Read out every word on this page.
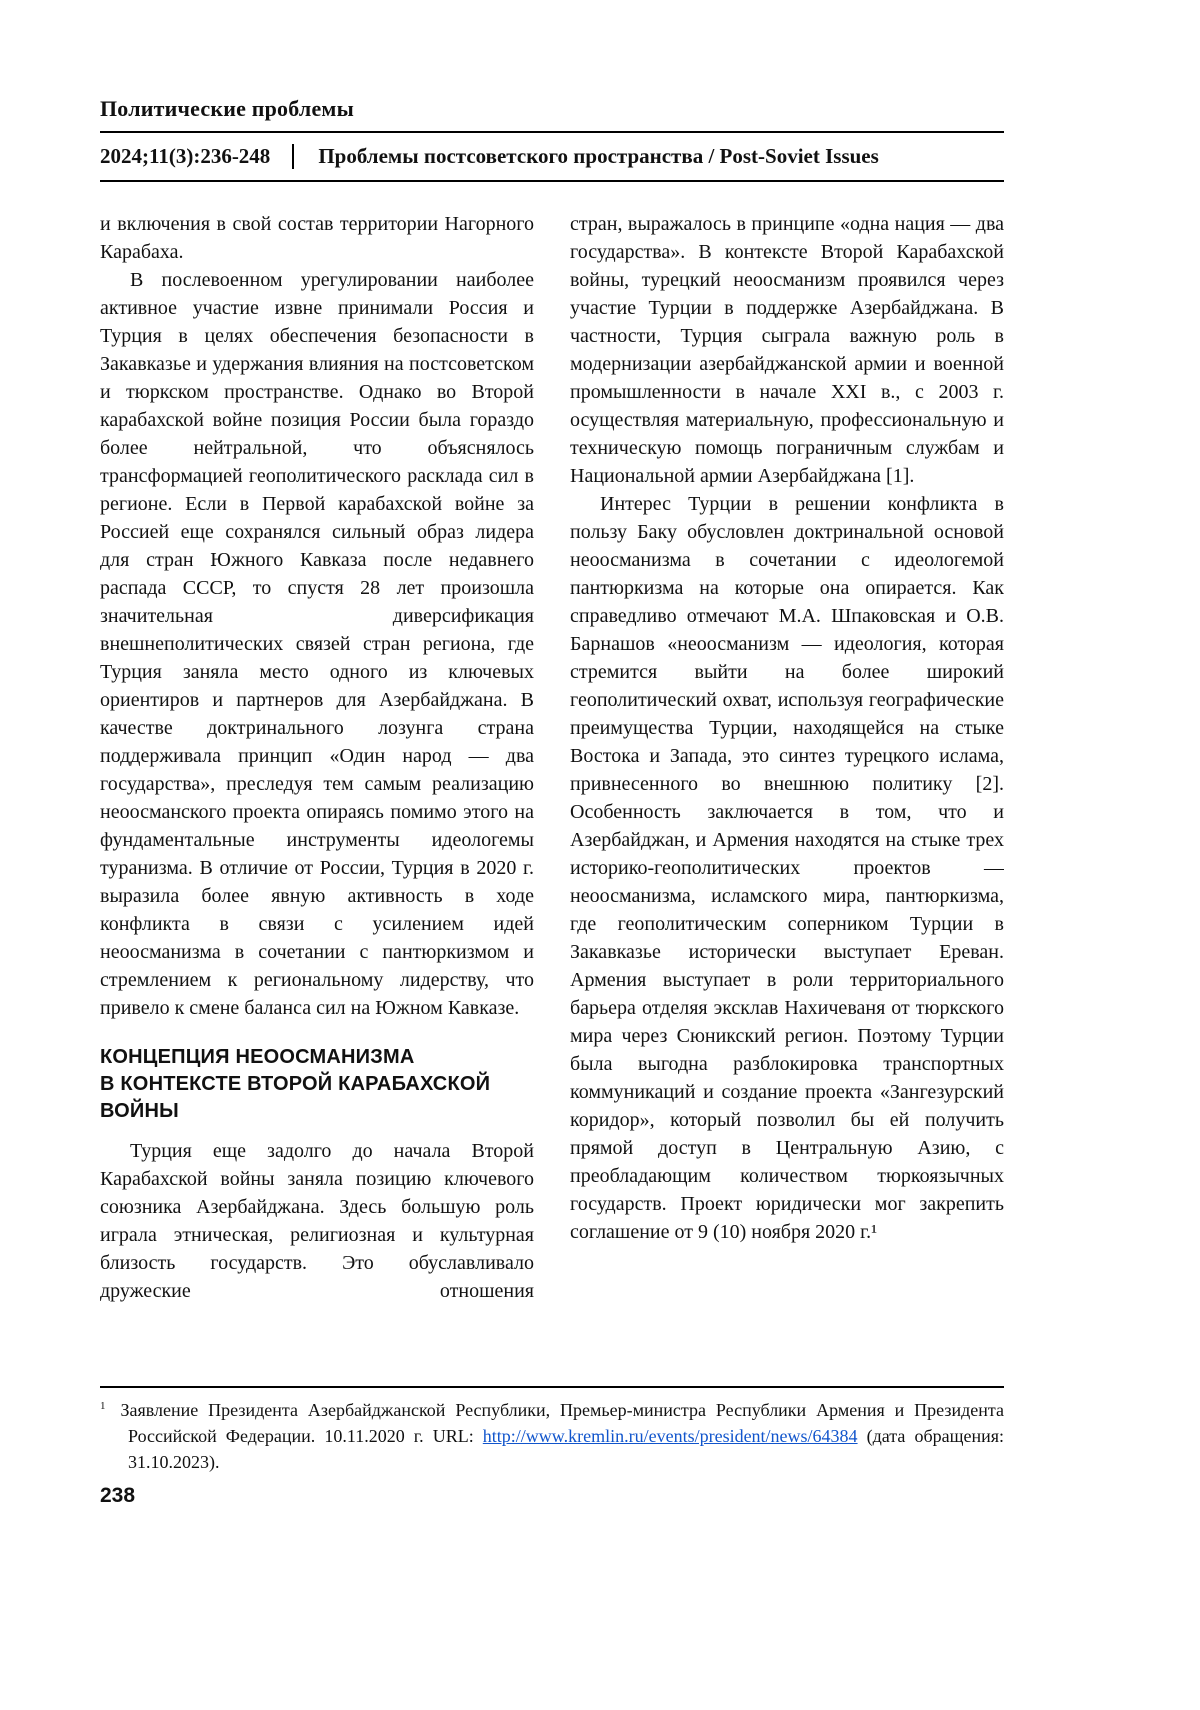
Политические проблемы
2024;11(3):236-248 Проблемы постсоветского пространства / Post-Soviet Issues

и включения в свой состав территории Нагорного Карабаха.

В послевоенном урегулировании наиболее активное участие извне принимали Россия и Турция в целях обеспечения безопасности в Закавказье и удержания влияния на постсоветском и тюркском пространстве. Однако во Второй карабахской войне позиция России была гораздо более нейтральной, что объяснялось трансформацией геополитического расклада сил в регионе. Если в Первой карабахской войне за Россией еще сохранялся сильный образ лидера для стран Южного Кавказа после недавнего распада СССР, то спустя 28 лет произошла значительная диверсификация внешнеполитических связей стран региона, где Турция заняла место одного из ключевых ориентиров и партнеров для Азербайджана. В качестве доктринального лозунга страна поддерживала принцип «Один народ — два государства», преследуя тем самым реализацию неоосманского проекта опираясь помимо этого на фундаментальные инструменты идеологемы туранизма. В отличие от России, Турция в 2020 г. выразила более явную активность в ходе конфликта в связи с усилением идей неоосманизма в сочетании с пантюркизмом и стремлением к региональному лидерству, что привело к смене баланса сил на Южном Кавказе.

КОНЦЕПЦИЯ НЕООСМАНИЗМА
В КОНТЕКСТЕ ВТОРОЙ КАРАБАХСКОЙ
ВОЙНЫ

Турция еще задолго до начала Второй Карабахской войны заняла позицию ключевого союзника Азербайджана. Здесь большую роль играла этническая, религиозная и культурная близость государств. Это обуславливало дружеские отношения

стран, выражалось в принципе «одна нация — два государства». В контексте Второй Карабахской войны, турецкий неоосманизм проявился через участие Турции в поддержке Азербайджана. В частности, Турция сыграла важную роль в модернизации азербайджанской армии и военной промышленности в начале XXI в., с 2003 г. осуществляя материальную, профессиональную и техническую помощь пограничным службам и Национальной армии Азербайджана [1].

Интерес Турции в решении конфликта в пользу Баку обусловлен доктринальной основой неоосманизма в сочетании с идеологемой пантюркизма на которые она опирается. Как справедливо отмечают М.А. Шпаковская и О.В. Барнашов «неоосманизм — идеология, которая стремится выйти на более широкий геополитический охват, используя географические преимущества Турции, находящейся на стыке Востока и Запада, это синтез турецкого ислама, привнесенного во внешнюю политику [2]. Особенность заключается в том, что и Азербайджан, и Армения находятся на стыке трех историко-геополитических проектов — неоосманизма, исламского мира, пантюркизма, где геополитическим соперником Турции в Закавказье исторически выступает Ереван. Армения выступает в роли территориального барьера отделяя эксклав Нахичеваня от тюркского мира через Сюникский регион. Поэтому Турции была выгодна разблокировка транспортных коммуникаций и создание проекта «Зангезурский коридор», который позволил бы ей получить прямой доступ в Центральную Азию, с преобладающим количеством тюркоязычных государств. Проект юридически мог закрепить соглашение от 9 (10) ноября 2020 г.¹

$^1$ Заявление Президента Азербайджанской Республики, Премьер-министра Республики Армения и Президента Российской Федерации. 10.11.2020 г. URL: http://www.kremlin.ru/events/president/news/64384 (дата обращения: 31.10.2023).
238
